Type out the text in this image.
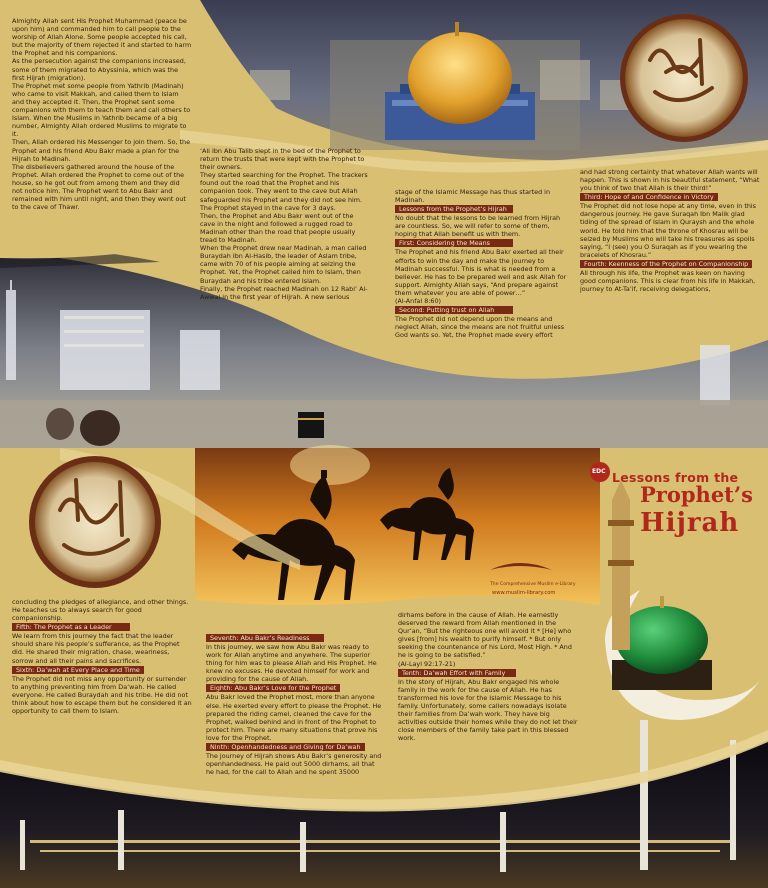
EDC
The Comprehensive Muslim e-Library
www.muslim-library.com
Lessons from the
Prophet’s
Hijrah

Almighty Allah sent His Prophet Muhammad (peace be upon him) and commanded him to call people to the worship of Allah Alone. Some people accepted his call, but the majority of them rejected it and started to harm the Prophet and his companions.

As the persecution against the companions increased, some of them migrated to Abyssinia, which was the first Hijrah (migration).

The Prophet met some people from Yathrib (Madinah) who came to visit Makkah, and called them to Islam and they accepted it. Then, the Prophet sent some companions with them to teach them and call others to Islam. When the Muslims in Yathrib became of a big number, Almighty Allah ordered Muslims to migrate to it.

Then, Allah ordered his Messenger to join them. So, the Prophet and his friend Abu Bakr made a plan for the Hijrah to Madinah.

The disbelievers gathered around the house of the Prophet. Allah ordered the Prophet to come out of the house, so he got out from among them and they did not notice him. The Prophet went to Abu Bakr and remained with him until night, and then they went out to the cave of Thawr.

‘Ali Ibn Abu Talib slept in the bed of the Prophet to return the trusts that were kept with the Prophet to their owners.

They started searching for the Prophet. The trackers found out the road that the Prophet and his companion took. They went to the cave but Allah safeguarded his Prophet and they did not see him. The Prophet stayed in the cave for 3 days.

Then, the Prophet and Abu Bakr went out of the cave in the night and followed a rugged road to Madinah other than the road that people usually tread to Madinah.

When the Prophet drew near Madinah, a man called Buraydah Ibn Al-Hasib, the leader of Aslam tribe, came with 70 of his people aiming at seizing the Prophet. Yet, the Prophet called him to Islam, then Buraydah and his tribe entered Islam.

Finally, the Prophet reached Madinah on 12 Rabi’ Al-Awwal in the first year of Hijrah. A new serious

stage of the Islamic Message has thus started in Madinah.

Lessons from the Prophet’s Hijrah

No doubt that the lessons to be learned from Hijrah are countless. So, we will refer to some of them, hoping that Allah benefit us with them.

First: Considering the Means

The Prophet and his friend Abu Bakr exerted all their efforts to win the day and make the journey to Madinah successful. This is what is needed from a believer. He has to be prepared well and ask Allah for support. Almighty Allah says, “And prepare against them whatever you are able of power…”

(Al-Anfal 8:60)

Second: Putting trust on Allah

The Prophet did not depend upon the means and neglect Allah, since the means are not fruitful unless God wants so. Yet, the Prophet made every effort

and had strong certainty that whatever Allah wants will happen. This is shown in his beautiful statement, “What you think of two that Allah is their third!”

Third: Hope of and Confidence in Victory

The Prophet did not lose hope at any time, even in this dangerous journey. He gave Suraqah Ibn Malik glad tiding of the spread of Islam in Quraysh and the whole world. He told him that the throne of Khosrau will be seized by Muslims who will take his treasures as spoils saying, “I (see) you O Suraqah as if you wearing the bracelets of Khosrau.”

Fourth: Keenness of the Prophet on Companionship

All through his life, the Prophet was keen on having good companions. This is clear from his life in Makkah, journey to At-Ta’if, receiving delegations,

concluding the pledges of allegiance, and other things. He teaches us to always search for good companionship.

Fifth: The Prophet as a Leader

We learn from this journey the fact that the leader should share his people’s sufferance, as the Prophet did. He shared their migration, chase, weariness, sorrow and all their pains and sacrifices.

Sixth: Da’wah at Every Place and Time

The Prophet did not miss any opportunity or surrender to anything preventing him from Da’wah. He called everyone. He called Buraydah and his tribe. He did not think about how to escape them but he considered it an opportunity to call them to Islam.

Seventh: Abu Bakr’s Readiness

In this journey, we saw how Abu Bakr was ready to work for Allah anytime and anywhere. The superior thing for him was to please Allah and His Prophet. He knew no excuses. He devoted himself for work and providing for the cause of Allah.

Eighth: Abu Bakr’s Love for the Prophet

Abu Bakr loved the Prophet most, more than anyone else. He exerted every effort to please the Prophet. He prepared the riding camel, cleaned the cave for the Prophet, walked behind and in front of the Prophet to protect him. There are many situations that prove his love for the Prophet.

Ninth: Openhandedness and Giving for Da’wah

The journey of Hijrah shows Abu Bakr’s generosity and openhandedness. He paid out 5000 dirhams, all that he had, for the call to Allah and he spent 35000

dirhams before in the cause of Allah. He earnestly deserved the reward from Allah mentioned in the Qur’an, “But the righteous one will avoid it * [He] who gives [from] his wealth to purify himself. * But only seeking the countenance of his Lord, Most High. * And he is going to be satisfied.”

(Al-Layl 92:17-21)

Tenth: Da’wah Effort with Family

In the story of Hijrah, Abu Bakr engaged his whole family in the work for the cause of Allah. He has transformed his love for the Islamic Message to his family. Unfortunately, some callers nowadays isolate their families from Da’wah work. They have big activities outside their homes while they do not let their close members of the family take part in this blessed work.
